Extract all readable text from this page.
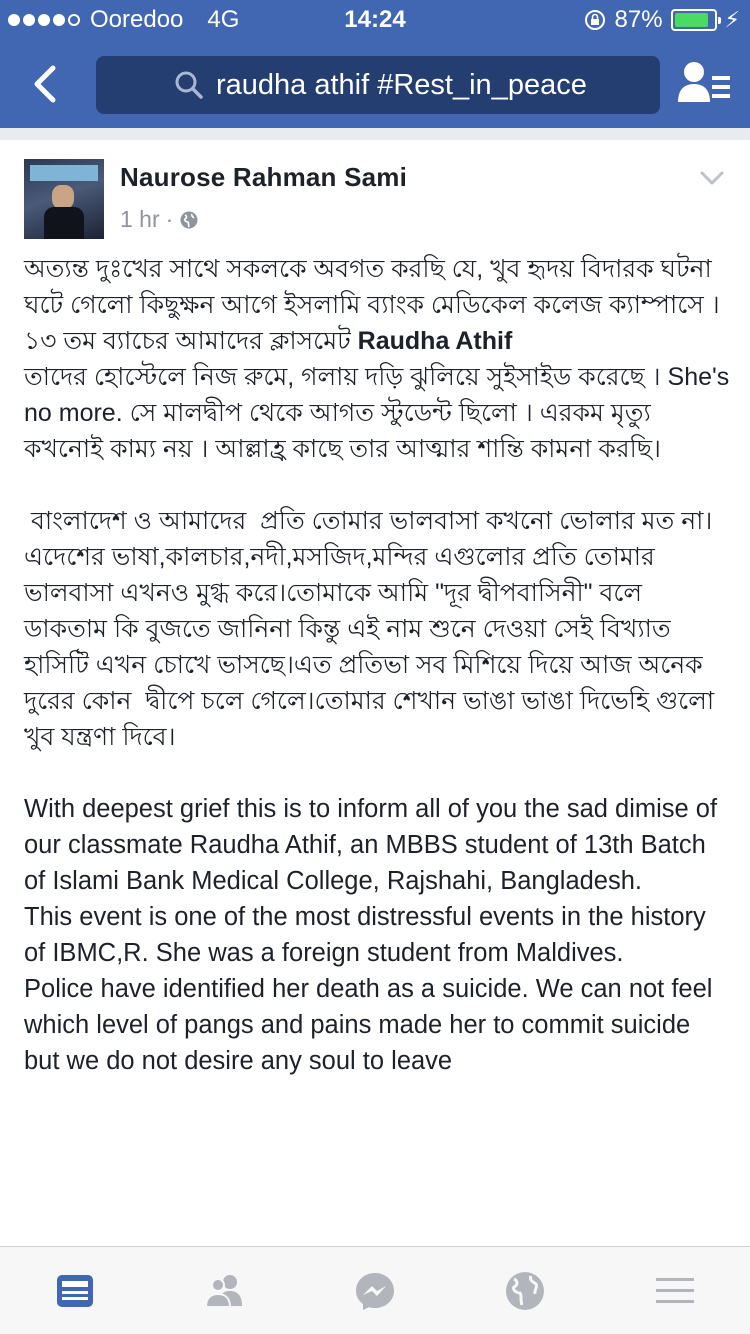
Ooredoo 4G	14:24	87%	⚡︎
raudha athif #Rest_in_peace
Naurose Rahman Sami
1 hr ·
অত্যন্ত দুঃখের সাথে সকলকে অবগত করছি যে, খুব হৃদয় বিদারক ঘটনা ঘটে গেলো কিছুক্ষন আগে ইসলামি ব্যাংক মেডিকেল কলেজ ক্যাম্পাসে । ১৩ তম ব্যাচের আমাদের ক্লাসমেট Raudha Athif
তাদের হোস্টেলে নিজ রুমে, গলায় দড়ি ঝুলিয়ে সুইসাইড করেছে । She's no more. সে মালদ্বীপ থেকে আগত স্টুডেন্ট ছিলো । এরকম মৃত্যু কখনোই কাম্য নয় । আল্লাহ্র কাছে তার আত্মার শান্তি কামনা করছি।
বাংলাদেশ ও আমাদের  প্রতি তোমার ভালবাসা কখনো ভোলার মত না।এদেশের ভাষা,কালচার,নদী,মসজিদ,মন্দির এগুলোর প্রতি তোমার ভালবাসা এখনও মুগ্ধ করে।তোমাকে আমি "দূর দ্বীপবাসিনী" বলে ডাকতাম কি বুজতে জানিনা কিন্তু এই নাম শুনে দেওয়া সেই বিখ্যাত হাসিটি এখন চোখে ভাসছে।এত প্রতিভা সব মিশিয়ে দিয়ে আজ অনেক দুরের কোন  দ্বীপে চলে গেলে।তোমার শেখান ভাঙা ভাঙা দিভেহি গুলো খুব যন্ত্রণা দিবে।
With deepest grief this is to inform all of you the sad dimise of our classmate Raudha Athif, an MBBS student of 13th Batch of Islami Bank Medical College, Rajshahi, Bangladesh.
This event is one of the most distressful events in the history of IBMC,R. She was a foreign student from Maldives.
Police have identified her death as a suicide. We can not feel which level of pangs and pains made her to commit suicide but we do not desire any soul to leave
